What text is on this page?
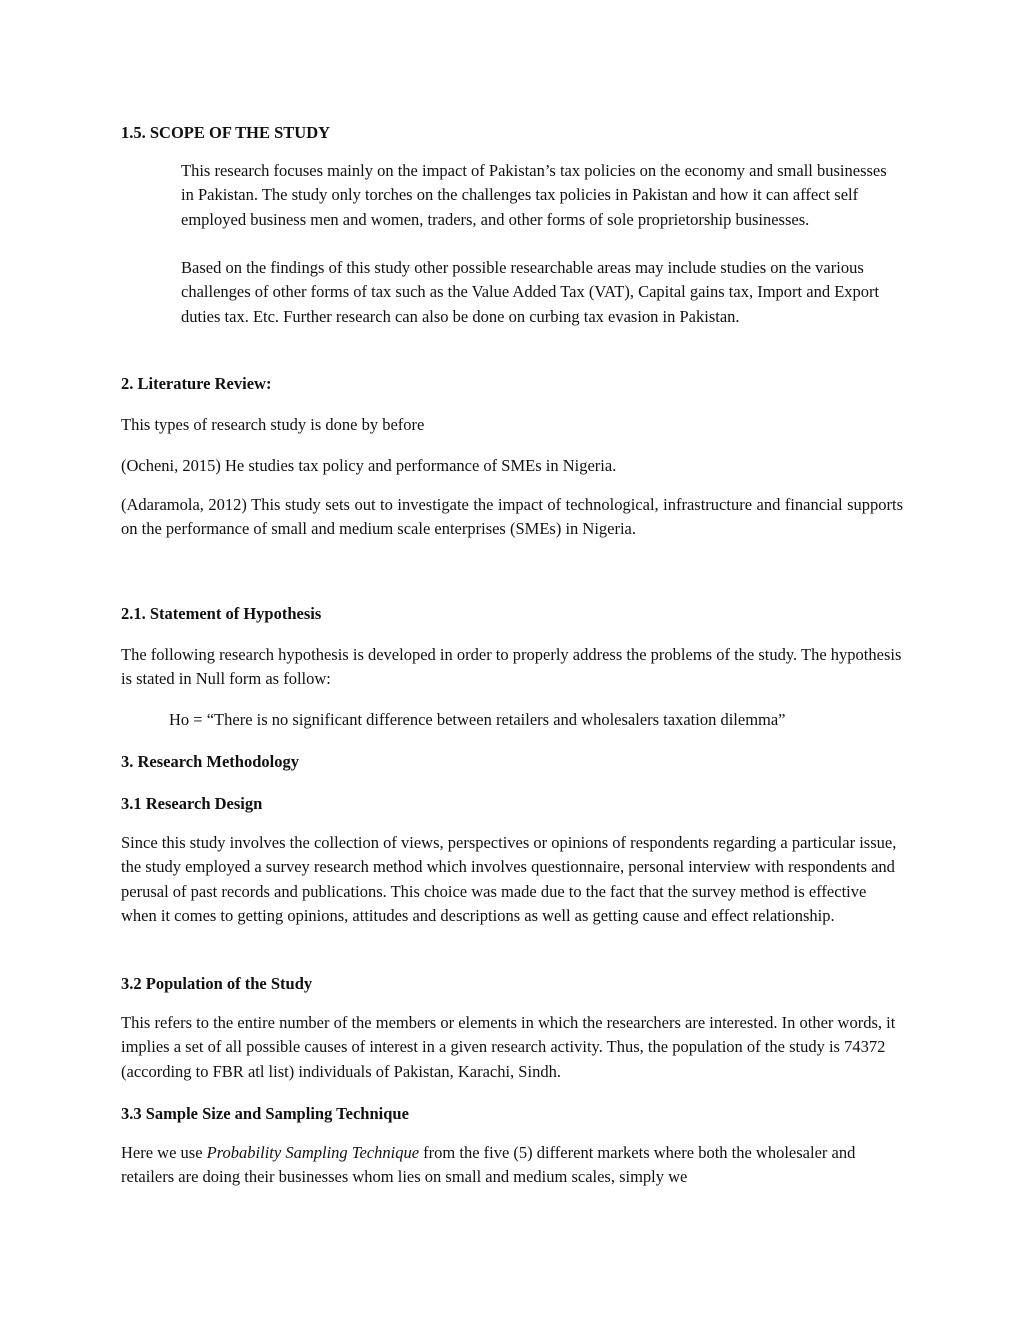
1.5. SCOPE OF THE STUDY

This research focuses mainly on the impact of Pakistan’s tax policies on the economy and small businesses in Pakistan. The study only torches on the challenges tax policies in Pakistan and how it can affect self employed business men and women, traders, and other forms of sole proprietorship businesses.

Based on the findings of this study other possible researchable areas may include studies on the various challenges of other forms of tax such as the Value Added Tax (VAT), Capital gains tax, Import and Export duties tax. Etc. Further research can also be done on curbing tax evasion in Pakistan.

2. Literature Review:

This types of research study is done by before

(Ocheni, 2015) He studies tax policy and performance of SMEs in Nigeria.

(Adaramola, 2012) This study sets out to investigate the impact of technological, infrastructure and financial supports on the performance of small and medium scale enterprises (SMEs) in Nigeria.

2.1. Statement of Hypothesis

The following research hypothesis is developed in order to properly address the problems of the study. The hypothesis is stated in Null form as follow:

Ho = “There is no significant difference between retailers and wholesalers taxation dilemma”

3. Research Methodology

3.1 Research Design

Since this study involves the collection of views, perspectives or opinions of respondents regarding a particular issue, the study employed a survey research method which involves questionnaire, personal interview with respondents and perusal of past records and publications. This choice was made due to the fact that the survey method is effective when it comes to getting opinions, attitudes and descriptions as well as getting cause and effect relationship.

3.2 Population of the Study

This refers to the entire number of the members or elements in which the researchers are interested. In other words, it implies a set of all possible causes of interest in a given research activity. Thus, the population of the study is 74372 (according to FBR atl list) individuals of Pakistan, Karachi, Sindh.

3.3 Sample Size and Sampling Technique

Here we use Probability Sampling Technique from the five (5) different markets where both the wholesaler and retailers are doing their businesses whom lies on small and medium scales, simply we
